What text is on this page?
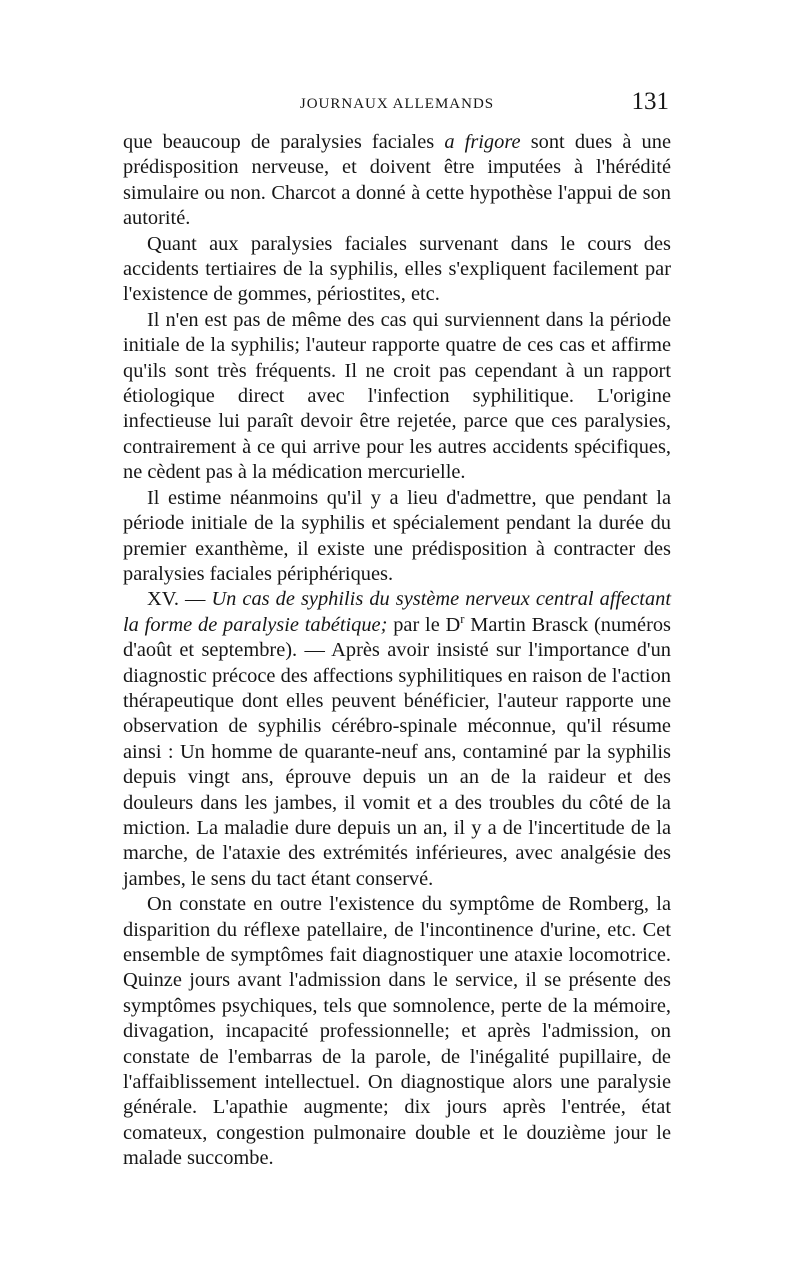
JOURNAUX ALLEMANDS	131

que beaucoup de paralysies faciales a frigore sont dues à une prédisposition nerveuse, et doivent être imputées à l'hérédité simulaire ou non. Charcot a donné à cette hypothèse l'appui de son autorité.

Quant aux paralysies faciales survenant dans le cours des accidents tertiaires de la syphilis, elles s'expliquent facilement par l'existence de gommes, périostites, etc.

Il n'en est pas de même des cas qui surviennent dans la période initiale de la syphilis; l'auteur rapporte quatre de ces cas et affirme qu'ils sont très fréquents. Il ne croit pas cependant à un rapport étiologique direct avec l'infection syphilitique. L'origine infectieuse lui paraît devoir être rejetée, parce que ces paralysies, contrairement à ce qui arrive pour les autres accidents spécifiques, ne cèdent pas à la médication mercurielle.

Il estime néanmoins qu'il y a lieu d'admettre, que pendant la période initiale de la syphilis et spécialement pendant la durée du premier exanthème, il existe une prédisposition à contracter des paralysies faciales périphériques.

XV. — Un cas de syphilis du système nerveux central affectant la forme de paralysie tabétique; par le $D^r$ Martin Brasck (numéros d'août et septembre). — Après avoir insisté sur l'importance d'un diagnostic précoce des affections syphilitiques en raison de l'action thérapeutique dont elles peuvent bénéficier, l'auteur rapporte une observation de syphilis cérébro-spinale méconnue, qu'il résume ainsi : Un homme de quarante-neuf ans, contaminé par la syphilis depuis vingt ans, éprouve depuis un an de la raideur et des douleurs dans les jambes, il vomit et a des troubles du côté de la miction. La maladie dure depuis un an, il y a de l'incertitude de la marche, de l'ataxie des extrémités inférieures, avec analgésie des jambes, le sens du tact étant conservé.

On constate en outre l'existence du symptôme de Romberg, la disparition du réflexe patellaire, de l'incontinence d'urine, etc. Cet ensemble de symptômes fait diagnostiquer une ataxie locomotrice. Quinze jours avant l'admission dans le service, il se présente des symptômes psychiques, tels que somnolence, perte de la mémoire, divagation, incapacité professionnelle; et après l'admission, on constate de l'embarras de la parole, de l'inégalité pupillaire, de l'affaiblissement intellectuel. On diagnostique alors une paralysie générale. L'apathie augmente; dix jours après l'entrée, état comateux, congestion pulmonaire double et le douzième jour le malade succombe.
